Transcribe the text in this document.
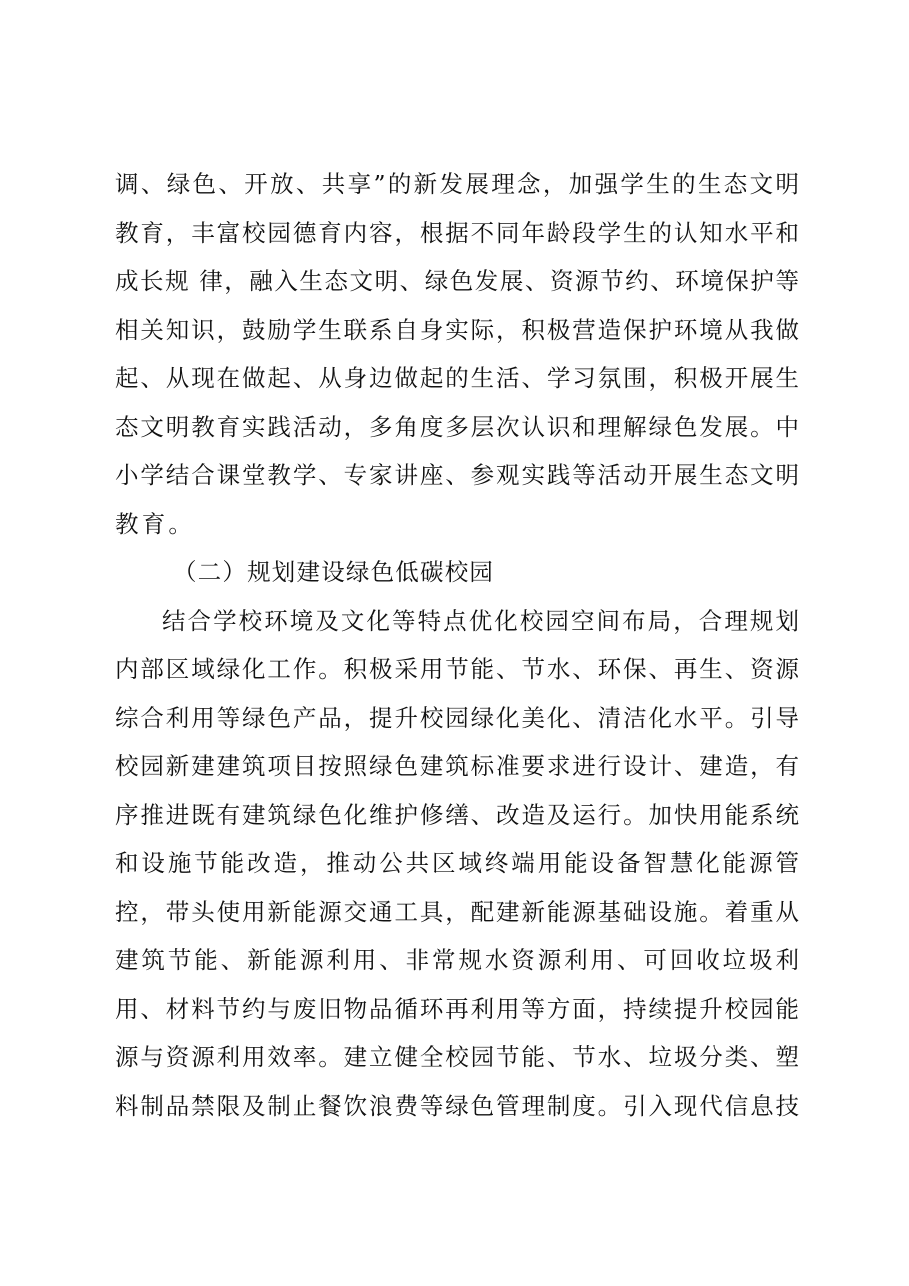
调、绿色、开放、共享”的新发展理念，加强学生的生态文明
教育，丰富校园德育内容，根据不同年龄段学生的认知水平和
成长规 律，融入生态文明、绿色发展、资源节约、环境保护等
相关知识，鼓励学生联系自身实际，积极营造保护环境从我做
起、从现在做起、从身边做起的生活、学习氛围，积极开展生
态文明教育实践活动，多角度多层次认识和理解绿色发展。中
小学结合课堂教学、专家讲座、参观实践等活动开展生态文明
教育。
（二）规划建设绿色低碳校园
结合学校环境及文化等特点优化校园空间布局，合理规划
内部区域绿化工作。积极采用节能、节水、环保、再生、资源
综合利用等绿色产品，提升校园绿化美化、清洁化水平。引导
校园新建建筑项目按照绿色建筑标准要求进行设计、建造，有
序推进既有建筑绿色化维护修缮、改造及运行。加快用能系统
和设施节能改造，推动公共区域终端用能设备智慧化能源管
控，带头使用新能源交通工具，配建新能源基础设施。着重从
建筑节能、新能源利用、非常规水资源利用、可回收垃圾利
用、材料节约与废旧物品循环再利用等方面，持续提升校园能
源与资源利用效率。建立健全校园节能、节水、垃圾分类、塑
料制品禁限及制止餐饮浪费等绿色管理制度。引入现代信息技
